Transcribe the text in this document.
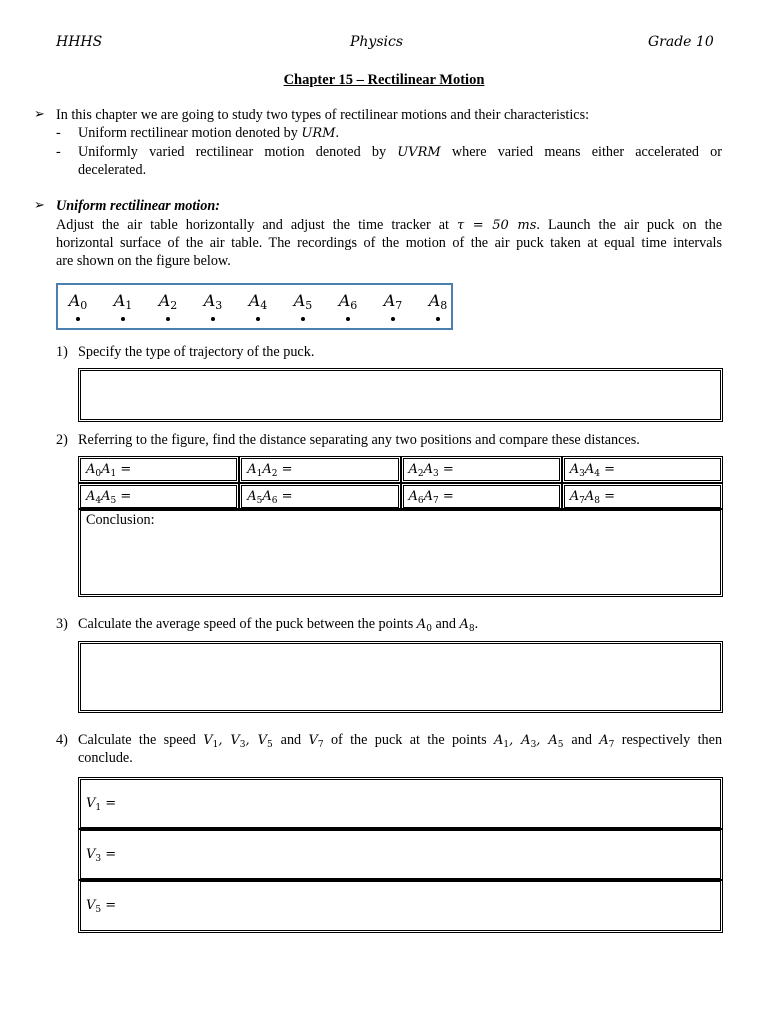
HHHS	Physics	Grade 10
Chapter 15 – Rectilinear Motion
➢ In this chapter we are going to study two types of rectilinear motions and their characteristics:
- Uniform rectilinear motion denoted by URM.
- Uniformly varied rectilinear motion denoted by UVRM where varied means either accelerated or
decelerated.
➢ Uniform rectilinear motion:
Adjust the air table horizontally and adjust the time tracker at τ = 50 ms. Launch the air puck on the
horizontal surface of the air table. The recordings of the motion of the air puck taken at equal time intervals
are shown on the figure below.
$A_0$	$A_1$	$A_2$	$A_3$	$A_4$	$A_5$	$A_6$	$A_7$	$A_8$
1) Specify the type of trajectory of the puck.
2) Referring to the figure, find the distance separating any two positions and compare these distances.
$A_0A_1$ =	$A_1A_2$ =	$A_2A_3$ =	$A_3A_4$ =
$A_4A_5$ =	$A_5A_6$ =	$A_6A_7$ =	$A_7A_8$ =
Conclusion:
3) Calculate the average speed of the puck between the points $A_0$ and $A_8$.
4) Calculate the speed $V_1$, $V_3$, $V_5$ and $V_7$ of the puck at the points $A_1$, $A_3$, $A_5$ and $A_7$ respectively then
conclude.
$V_1$ =
$V_3$ =
$V_5$ =
